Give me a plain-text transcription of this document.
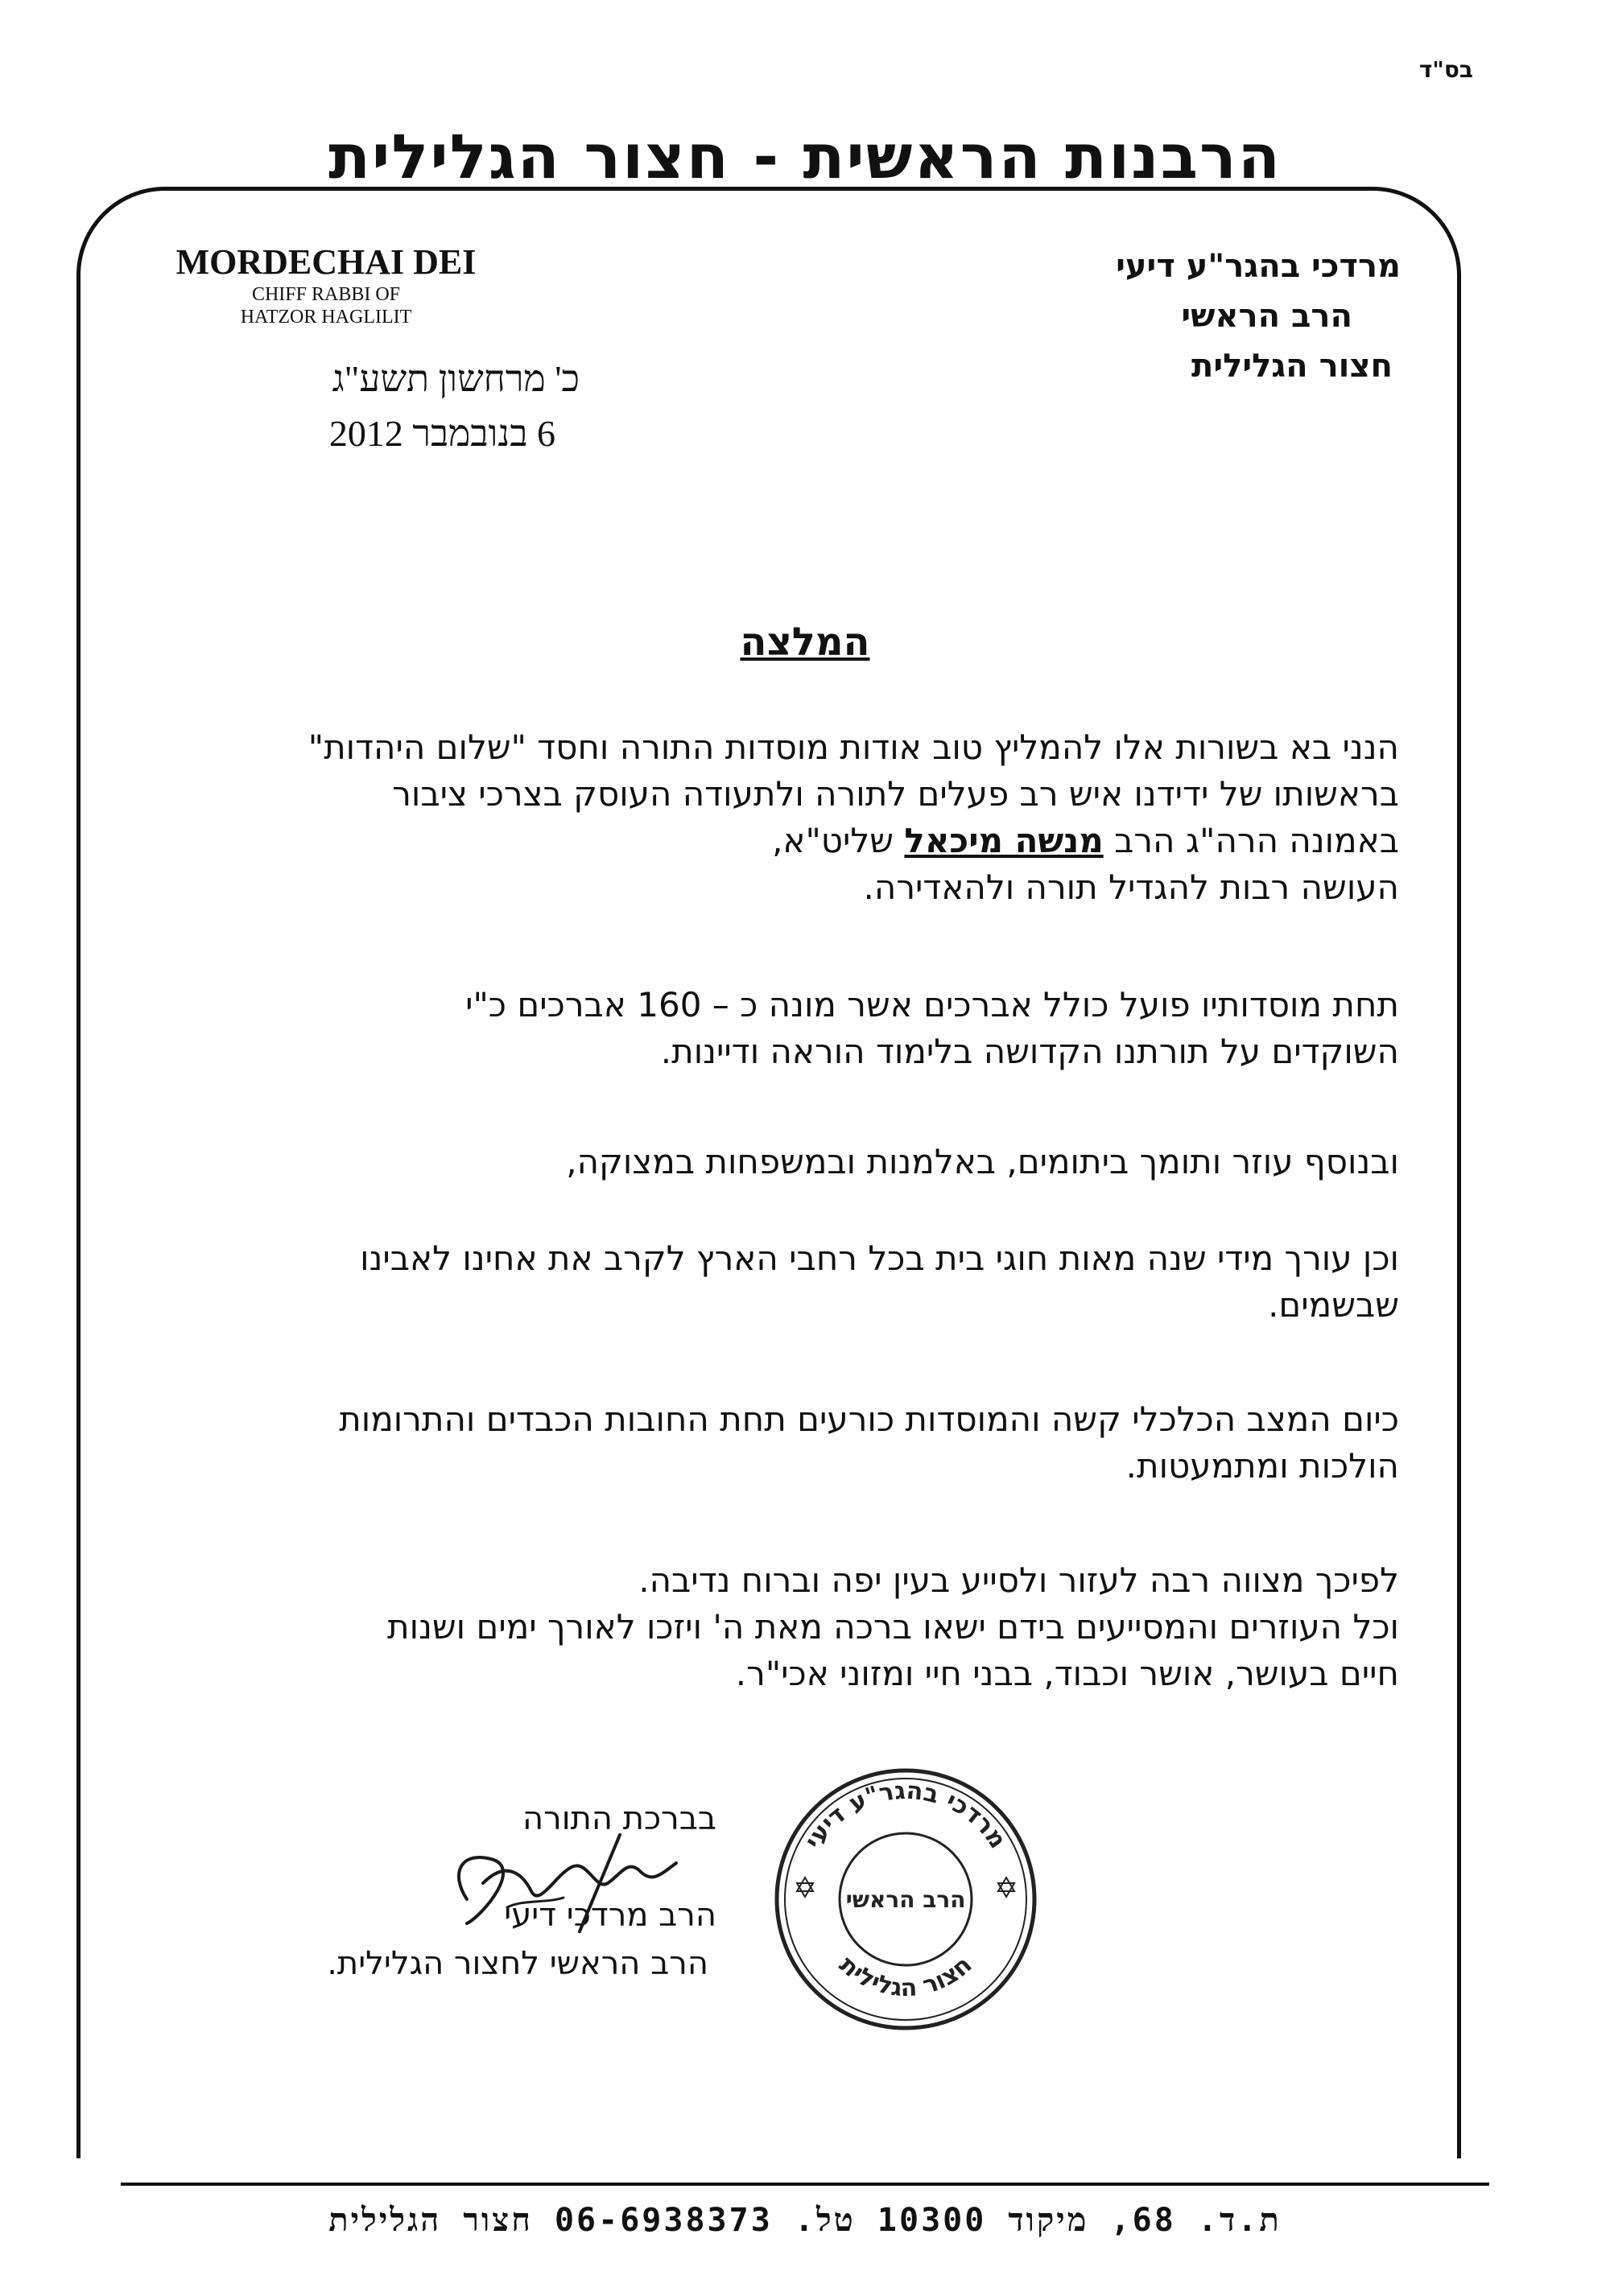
בס"ד
הרבנות הראשית - חצור הגלילית
MORDECHAI DEI
CHIFF RABBI OF
HATZOR HAGLILIT
מרדכי בהגר"ע דיעי
הרב הראשי
חצור הגלילית
כ' מרחשון תשע"ג
6 בנובמבר 2012
המלצה

הנני בא בשורות אלו להמליץ טוב אודות מוסדות התורה וחסד "שלום היהדות"

בראשותו של ידידנו איש רב פעלים לתורה ולתעודה העוסק בצרכי ציבור

באמונה הרה"ג הרב מנשה מיכאל שליט"א,

העושה רבות להגדיל תורה ולהאדירה.

תחת מוסדותיו פועל כולל אברכים אשר מונה כ – 160 אברכים כ"י

השוקדים על תורתנו הקדושה בלימוד הוראה ודיינות.

ובנוסף עוזר ותומך ביתומים, באלמנות ובמשפחות במצוקה,

וכן עורך מידי שנה מאות חוגי בית בכל רחבי הארץ לקרב את אחינו לאבינו

שבשמים.

כיום המצב הכלכלי קשה והמוסדות כורעים תחת החובות הכבדים והתרומות

הולכות ומתמעטות.

לפיכך מצווה רבה לעזור ולסייע בעין יפה וברוח נדיבה.

וכל העוזרים והמסייעים בידם ישאו ברכה מאת ה' ויזכו לאורך ימים ושנות

חיים בעושר, אושר וכבוד, בבני חיי ומזוני אכי"ר.

בברכת התורה

הרב מרדכי דיעי

הרב הראשי לחצור הגלילית.

מרדכי בהגר"ע דיעי
חצור הגלילית
הרב הראשי
ת.ד. 68, מיקוד 10300 טל. 06-6938373 חצור הגלילית
